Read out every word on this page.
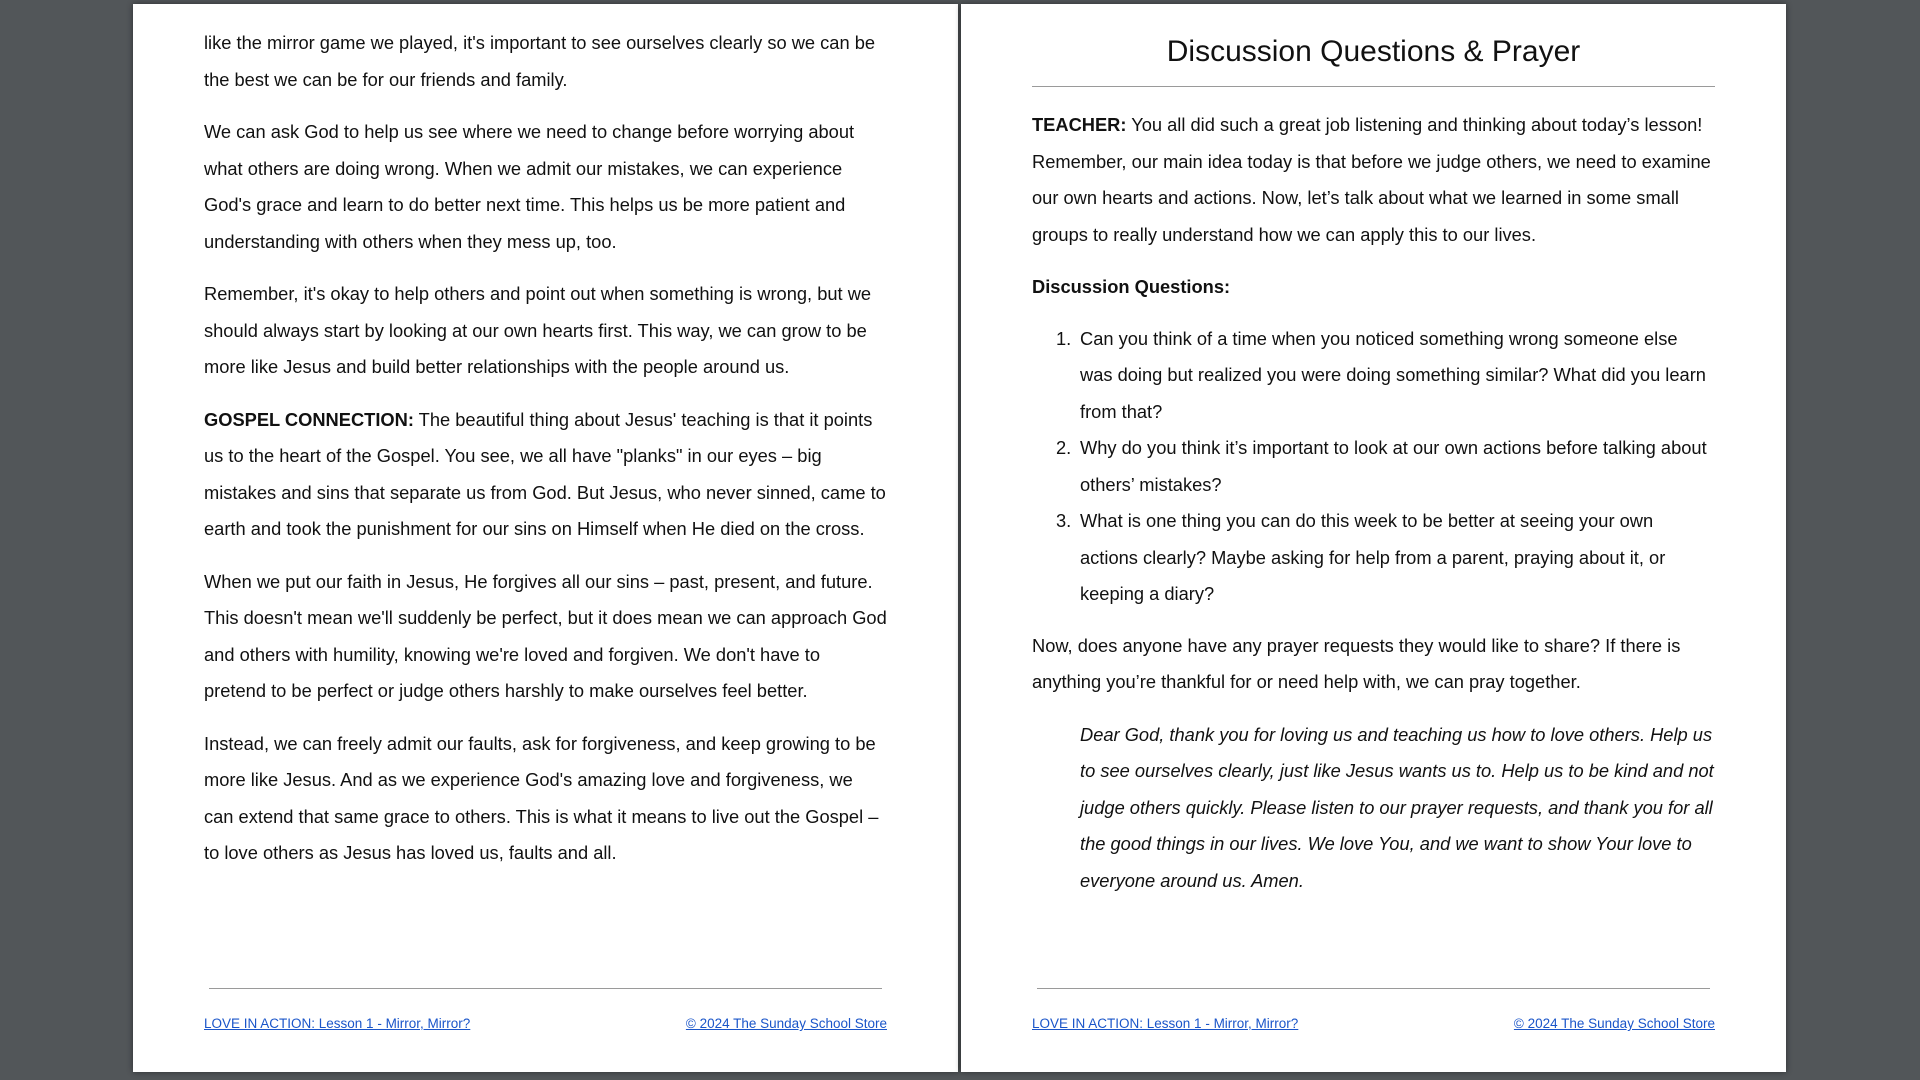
like the mirror game we played, it's important to see ourselves clearly so we can be the best we can be for our friends and family.

We can ask God to help us see where we need to change before worrying about what others are doing wrong. When we admit our mistakes, we can experience God's grace and learn to do better next time. This helps us be more patient and understanding with others when they mess up, too.

Remember, it's okay to help others and point out when something is wrong, but we should always start by looking at our own hearts first. This way, we can grow to be more like Jesus and build better relationships with the people around us.

GOSPEL CONNECTION: The beautiful thing about Jesus' teaching is that it points us to the heart of the Gospel. You see, we all have "planks" in our eyes – big mistakes and sins that separate us from God. But Jesus, who never sinned, came to earth and took the punishment for our sins on Himself when He died on the cross.

When we put our faith in Jesus, He forgives all our sins – past, present, and future. This doesn't mean we'll suddenly be perfect, but it does mean we can approach God and others with humility, knowing we're loved and forgiven. We don't have to pretend to be perfect or judge others harshly to make ourselves feel better.

Instead, we can freely admit our faults, ask for forgiveness, and keep growing to be more like Jesus. And as we experience God's amazing love and forgiveness, we can extend that same grace to others. This is what it means to live out the Gospel – to love others as Jesus has loved us, faults and all.

LOVE IN ACTION: Lesson 1 - Mirror, Mirror?	© 2024 The Sunday School Store
Discussion Questions & Prayer

TEACHER: You all did such a great job listening and thinking about today’s lesson! Remember, our main idea today is that before we judge others, we need to examine our own hearts and actions. Now, let’s talk about what we learned in some small groups to really understand how we can apply this to our lives.

Discussion Questions:

1. Can you think of a time when you noticed something wrong someone else was doing but realized you were doing something similar? What did you learn from that?
2. Why do you think it’s important to look at our own actions before talking about others’ mistakes?
3. What is one thing you can do this week to be better at seeing your own actions clearly? Maybe asking for help from a parent, praying about it, or keeping a diary?

Now, does anyone have any prayer requests they would like to share? If there is anything you’re thankful for or need help with, we can pray together.

Dear God, thank you for loving us and teaching us how to love others. Help us to see ourselves clearly, just like Jesus wants us to. Help us to be kind and not judge others quickly. Please listen to our prayer requests, and thank you for all the good things in our lives. We love You, and we want to show Your love to everyone around us. Amen.

LOVE IN ACTION: Lesson 1 - Mirror, Mirror?	© 2024 The Sunday School Store
